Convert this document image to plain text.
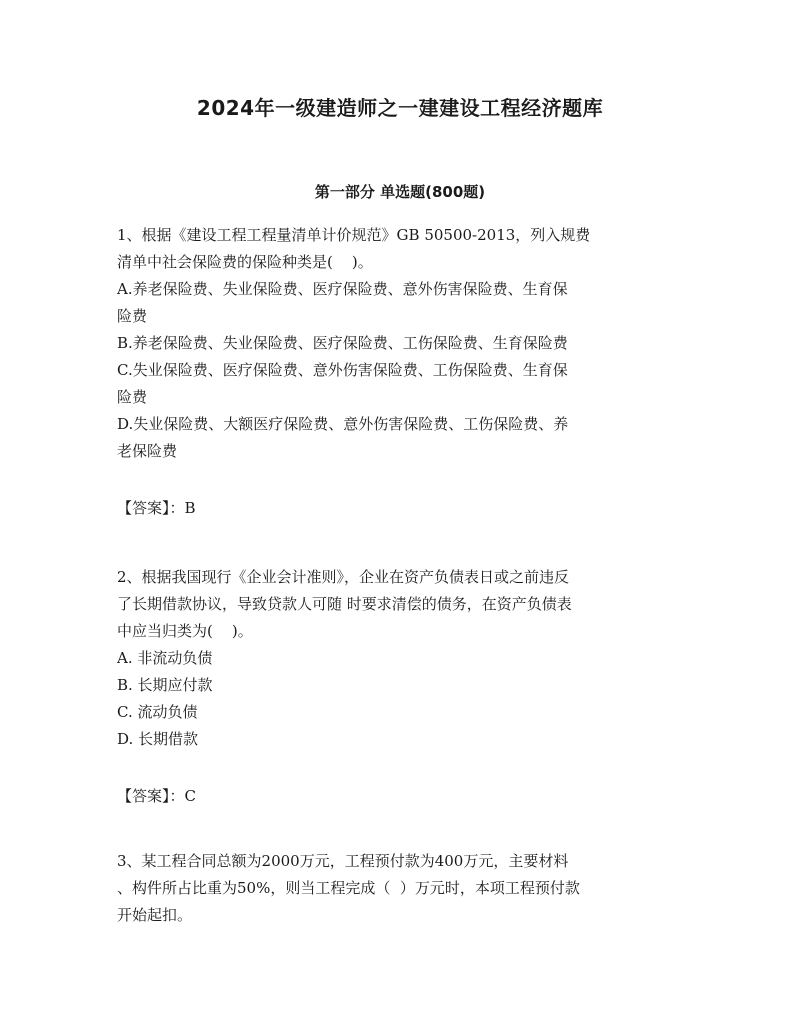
2024年一级建造师之一建建设工程经济题库
第一部分 单选题(800题)
1、根据《建设工程工程量清单计价规范》GB 50500-2013，列入规费
清单中社会保险费的保险种类是(    )。
A.养老保险费、失业保险费、医疗保险费、意外伤害保险费、生育保
险费
B.养老保险费、失业保险费、医疗保险费、工伤保险费、生育保险费
C.失业保险费、医疗保险费、意外伤害保险费、工伤保险费、生育保
险费
D.失业保险费、大额医疗保险费、意外伤害保险费、工伤保险费、养
老保险费
【答案】：B
2、根据我国现行《企业会计准则》，企业在资产负债表日或之前违反
了长期借款协议，导致贷款人可随 时要求清偿的债务，在资产负债表
中应当归类为(    )。
A. 非流动负债
B. 长期应付款
C. 流动负债
D. 长期借款
【答案】：C
3、某工程合同总额为2000万元，工程预付款为400万元，主要材料
、构件所占比重为50%，则当工程完成（  ）万元时，本项工程预付款
开始起扣。
